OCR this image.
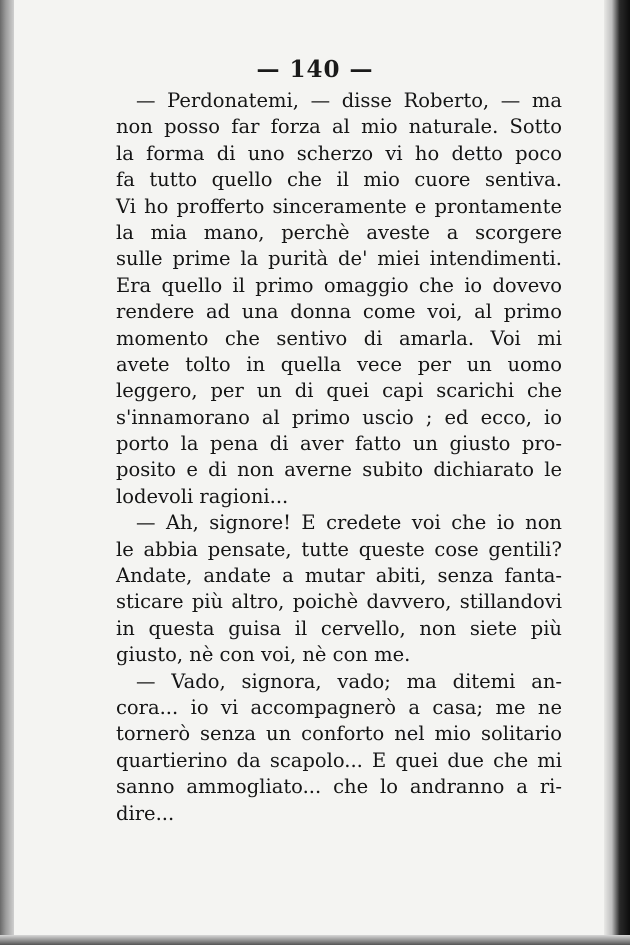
— 140 —
— Perdonatemi, — disse Roberto, — ma
non posso far forza al mio naturale. Sotto
la forma di uno scherzo vi ho detto poco
fa tutto quello che il mio cuore sentiva.
Vi ho profferto sinceramente e prontamente
la mia mano, perchè aveste a scorgere
sulle prime la purità de' miei intendimenti.
Era quello il primo omaggio che io dovevo
rendere ad una donna come voi, al primo
momento che sentivo di amarla. Voi mi
avete tolto in quella vece per un uomo
leggero, per un di quei capi scarichi che
s'innamorano al primo uscio ; ed ecco, io
porto la pena di aver fatto un giusto pro-
posito e di non averne subito dichiarato le
lodevoli ragioni...
— Ah, signore! E credete voi che io non
le abbia pensate, tutte queste cose gentili?
Andate, andate a mutar abiti, senza fanta-
sticare più altro, poichè davvero, stillandovi
in questa guisa il cervello, non siete più
giusto, nè con voi, nè con me.
— Vado, signora, vado; ma ditemi an-
cora... io vi accompagnerò a casa; me ne
tornerò senza un conforto nel mio solitario
quartierino da scapolo... E quei due che mi
sanno ammogliato... che lo andranno a ri-
dire...
